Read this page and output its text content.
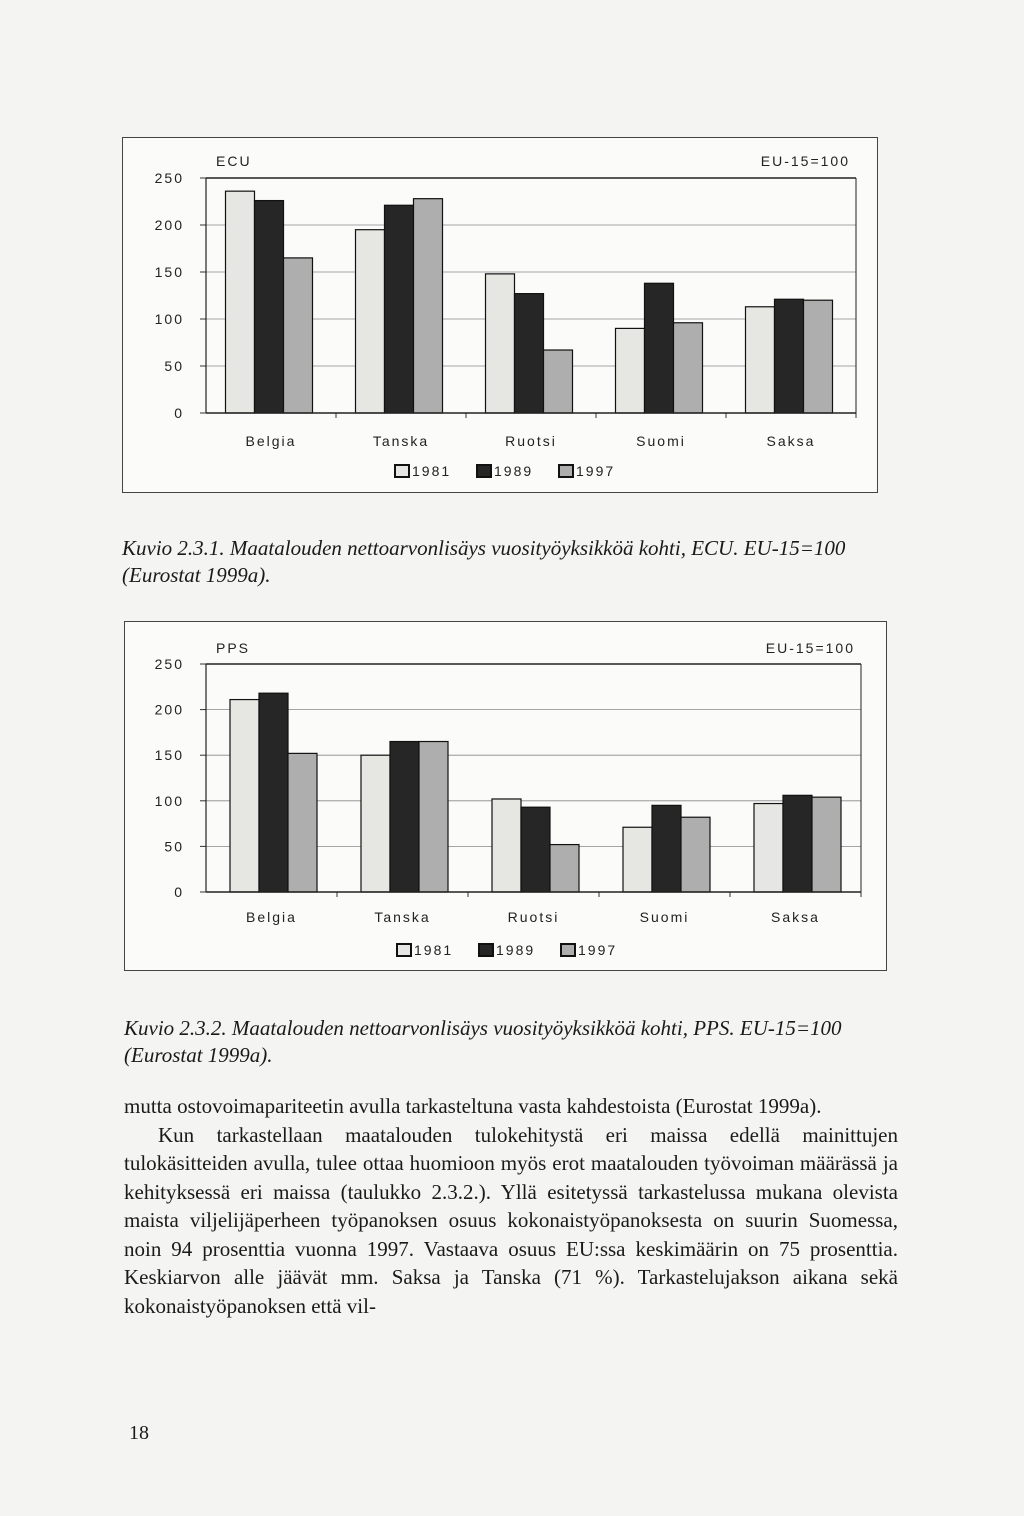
0
50
100
150
200
250
Belgia	Tanska	Ruotsi	Suomi	Saksa
ECU	EU-15=100
1981	1989	1997

Kuvio 2.3.1. Maatalouden nettoarvonlisäys vuosityöyksikköä kohti, ECU. EU-15=100 (Eurostat 1999a).

0
50
100
150
200
250
Belgia	Tanska	Ruotsi	Suomi	Saksa
PPS	EU-15=100
1981	1989	1997

Kuvio 2.3.2. Maatalouden nettoarvonlisäys vuosityöyksikköä kohti, PPS. EU-15=100 (Eurostat 1999a).

mutta ostovoimapariteetin avulla tarkasteltuna vasta kahdestoista (Eurostat 1999a).

Kun tarkastellaan maatalouden tulokehitystä eri maissa edellä mainittujen tulokäsitteiden avulla, tulee ottaa huomioon myös erot maatalouden työvoiman määrässä ja kehityksessä eri maissa (taulukko 2.3.2.). Yllä esitetyssä tarkastelussa mukana olevista maista viljelijäperheen työpanoksen osuus kokonaistyöpanoksesta on suurin Suomessa, noin 94 prosenttia vuonna 1997. Vastaava osuus EU:ssa keskimäärin on 75 prosenttia. Keskiarvon alle jäävät mm. Saksa ja Tanska (71 %). Tarkastelujakson aikana sekä kokonaistyöpanoksen että vil-

18
